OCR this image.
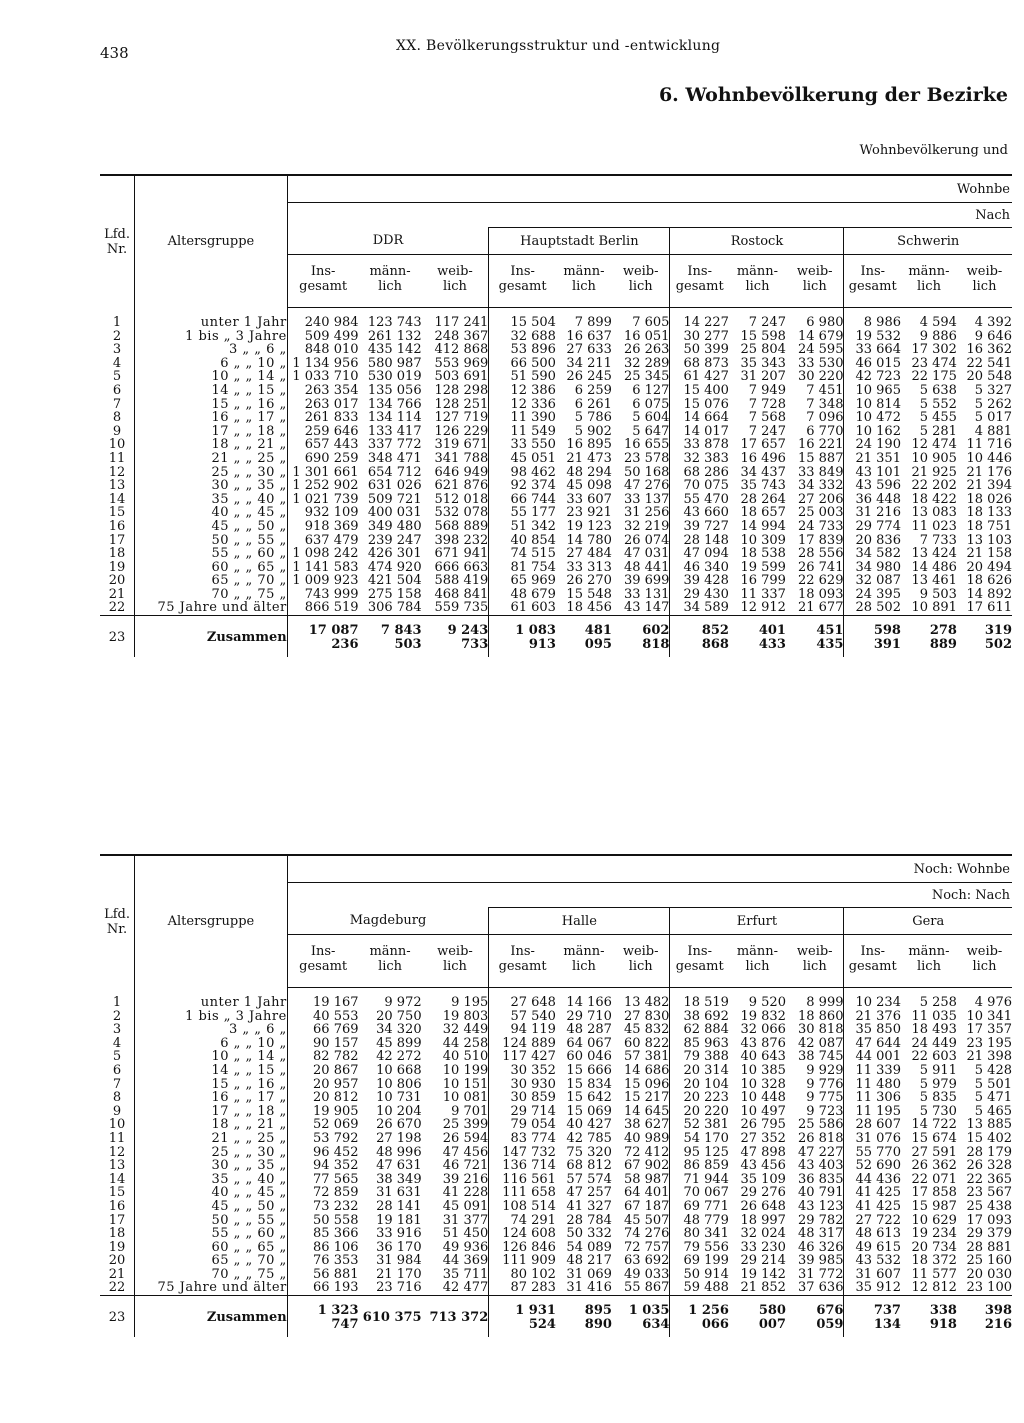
438	XX. Bevölkerungsstruktur und -entwicklung
6. Wohnbevölkerung der Bezirke
Wohnbevölkerung und

Lfd. Nr.	Altersgruppe	Wohnbe											
		Nach											
		DDR			Hauptstadt Berlin			Rostock			Schwerin		
		Ins-
gesamt	männ-
lich	weib-
lich	Ins-
gesamt	männ-
lich	weib-
lich	Ins-
gesamt	männ-
lich	weib-
lich	Ins-
gesamt	männ-
lich	weib-
lich
1	unter 1 Jahr	240 984	123 743	117 241	15 504	7 899	7 605	14 227	7 247	6 980	8 986	4 594	4 392
2	1 bis „ 3 Jahre	509 499	261 132	248 367	32 688	16 637	16 051	30 277	15 598	14 679	19 532	9 886	9 646
3	3 „ „ 6 „	848 010	435 142	412 868	53 896	27 633	26 263	50 399	25 804	24 595	33 664	17 302	16 362
4	6 „ „ 10 „	1 134 956	580 987	553 969	66 500	34 211	32 289	68 873	35 343	33 530	46 015	23 474	22 541
5	10 „ „ 14 „	1 033 710	530 019	503 691	51 590	26 245	25 345	61 427	31 207	30 220	42 723	22 175	20 548
6	14 „ „ 15 „	263 354	135 056	128 298	12 386	6 259	6 127	15 400	7 949	7 451	10 965	5 638	5 327
7	15 „ „ 16 „	263 017	134 766	128 251	12 336	6 261	6 075	15 076	7 728	7 348	10 814	5 552	5 262
8	16 „ „ 17 „	261 833	134 114	127 719	11 390	5 786	5 604	14 664	7 568	7 096	10 472	5 455	5 017
9	17 „ „ 18 „	259 646	133 417	126 229	11 549	5 902	5 647	14 017	7 247	6 770	10 162	5 281	4 881
10	18 „ „ 21 „	657 443	337 772	319 671	33 550	16 895	16 655	33 878	17 657	16 221	24 190	12 474	11 716
11	21 „ „ 25 „	690 259	348 471	341 788	45 051	21 473	23 578	32 383	16 496	15 887	21 351	10 905	10 446
12	25 „ „ 30 „	1 301 661	654 712	646 949	98 462	48 294	50 168	68 286	34 437	33 849	43 101	21 925	21 176
13	30 „ „ 35 „	1 252 902	631 026	621 876	92 374	45 098	47 276	70 075	35 743	34 332	43 596	22 202	21 394
14	35 „ „ 40 „	1 021 739	509 721	512 018	66 744	33 607	33 137	55 470	28 264	27 206	36 448	18 422	18 026
15	40 „ „ 45 „	932 109	400 031	532 078	55 177	23 921	31 256	43 660	18 657	25 003	31 216	13 083	18 133
16	45 „ „ 50 „	918 369	349 480	568 889	51 342	19 123	32 219	39 727	14 994	24 733	29 774	11 023	18 751
17	50 „ „ 55 „	637 479	239 247	398 232	40 854	14 780	26 074	28 148	10 309	17 839	20 836	7 733	13 103
18	55 „ „ 60 „	1 098 242	426 301	671 941	74 515	27 484	47 031	47 094	18 538	28 556	34 582	13 424	21 158
19	60 „ „ 65 „	1 141 583	474 920	666 663	81 754	33 313	48 441	46 340	19 599	26 741	34 980	14 486	20 494
20	65 „ „ 70 „	1 009 923	421 504	588 419	65 969	26 270	39 699	39 428	16 799	22 629	32 087	13 461	18 626
21	70 „ „ 75 „	743 999	275 158	468 841	48 679	15 548	33 131	29 430	11 337	18 093	24 395	9 503	14 892
22	75 Jahre und älter	866 519	306 784	559 735	61 603	18 456	43 147	34 589	12 912	21 677	28 502	10 891	17 611
23	Zusammen	17 087 236	7 843 503	9 243 733	1 083 913	481 095	602 818	852 868	401 433	451 435	598 391	278 889	319 502

Lfd. Nr.	Altersgruppe	Noch: Wohnbe											
		Noch: Nach											
		Magdeburg			Halle			Erfurt			Gera		
		Ins-
gesamt	männ-
lich	weib-
lich	Ins-
gesamt	männ-
lich	weib-
lich	Ins-
gesamt	männ-
lich	weib-
lich	Ins-
gesamt	männ-
lich	weib-
lich
1	unter 1 Jahr	19 167	9 972	9 195	27 648	14 166	13 482	18 519	9 520	8 999	10 234	5 258	4 976
2	1 bis „ 3 Jahre	40 553	20 750	19 803	57 540	29 710	27 830	38 692	19 832	18 860	21 376	11 035	10 341
3	3 „ „ 6 „	66 769	34 320	32 449	94 119	48 287	45 832	62 884	32 066	30 818	35 850	18 493	17 357
4	6 „ „ 10 „	90 157	45 899	44 258	124 889	64 067	60 822	85 963	43 876	42 087	47 644	24 449	23 195
5	10 „ „ 14 „	82 782	42 272	40 510	117 427	60 046	57 381	79 388	40 643	38 745	44 001	22 603	21 398
6	14 „ „ 15 „	20 867	10 668	10 199	30 352	15 666	14 686	20 314	10 385	9 929	11 339	5 911	5 428
7	15 „ „ 16 „	20 957	10 806	10 151	30 930	15 834	15 096	20 104	10 328	9 776	11 480	5 979	5 501
8	16 „ „ 17 „	20 812	10 731	10 081	30 859	15 642	15 217	20 223	10 448	9 775	11 306	5 835	5 471
9	17 „ „ 18 „	19 905	10 204	9 701	29 714	15 069	14 645	20 220	10 497	9 723	11 195	5 730	5 465
10	18 „ „ 21 „	52 069	26 670	25 399	79 054	40 427	38 627	52 381	26 795	25 586	28 607	14 722	13 885
11	21 „ „ 25 „	53 792	27 198	26 594	83 774	42 785	40 989	54 170	27 352	26 818	31 076	15 674	15 402
12	25 „ „ 30 „	96 452	48 996	47 456	147 732	75 320	72 412	95 125	47 898	47 227	55 770	27 591	28 179
13	30 „ „ 35 „	94 352	47 631	46 721	136 714	68 812	67 902	86 859	43 456	43 403	52 690	26 362	26 328
14	35 „ „ 40 „	77 565	38 349	39 216	116 561	57 574	58 987	71 944	35 109	36 835	44 436	22 071	22 365
15	40 „ „ 45 „	72 859	31 631	41 228	111 658	47 257	64 401	70 067	29 276	40 791	41 425	17 858	23 567
16	45 „ „ 50 „	73 232	28 141	45 091	108 514	41 327	67 187	69 771	26 648	43 123	41 425	15 987	25 438
17	50 „ „ 55 „	50 558	19 181	31 377	74 291	28 784	45 507	48 779	18 997	29 782	27 722	10 629	17 093
18	55 „ „ 60 „	85 366	33 916	51 450	124 608	50 332	74 276	80 341	32 024	48 317	48 613	19 234	29 379
19	60 „ „ 65 „	86 106	36 170	49 936	126 846	54 089	72 757	79 556	33 230	46 326	49 615	20 734	28 881
20	65 „ „ 70 „	76 353	31 984	44 369	111 909	48 217	63 692	69 199	29 214	39 985	43 532	18 372	25 160
21	70 „ „ 75 „	56 881	21 170	35 711	80 102	31 069	49 033	50 914	19 142	31 772	31 607	11 577	20 030
22	75 Jahre und älter	66 193	23 716	42 477	87 283	31 416	55 867	59 488	21 852	37 636	35 912	12 812	23 100
23	Zusammen	1 323 747	610 375	713 372	1 931 524	895 890	1 035 634	1 256 066	580 007	676 059	737 134	338 918	398 216
